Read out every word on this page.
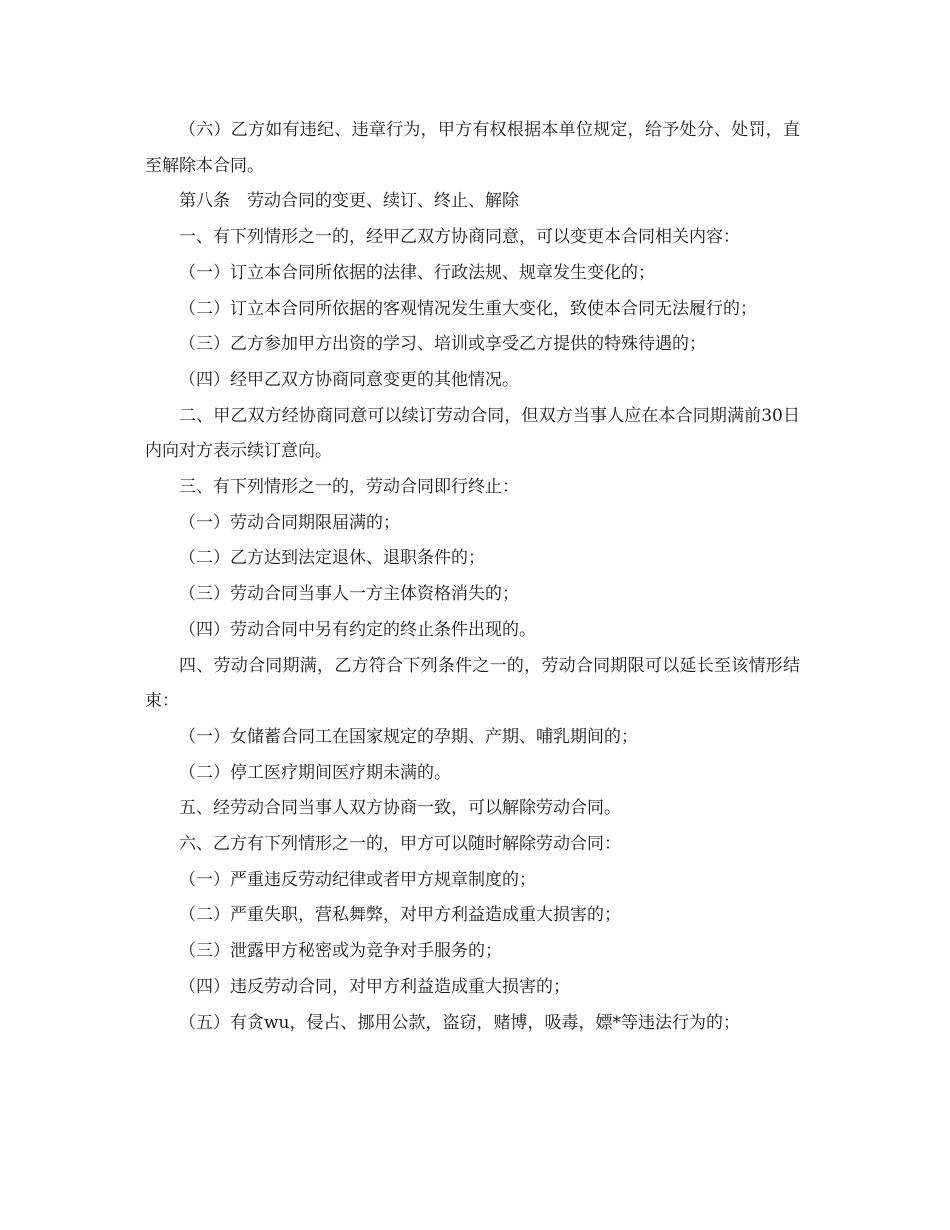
（六）乙方如有违纪、违章行为，甲方有权根据本单位规定，给予处分、处罚，直至解除本合同。

第八条　劳动合同的变更、续订、终止、解除

一、有下列情形之一的，经甲乙双方协商同意，可以变更本合同相关内容：

（一）订立本合同所依据的法律、行政法规、规章发生变化的；

（二）订立本合同所依据的客观情况发生重大变化，致使本合同无法履行的；

（三）乙方参加甲方出资的学习、培训或享受乙方提供的特殊待遇的；

（四）经甲乙双方协商同意变更的其他情况。

二、甲乙双方经协商同意可以续订劳动合同，但双方当事人应在本合同期满前30日内向对方表示续订意向。

三、有下列情形之一的，劳动合同即行终止：

（一）劳动合同期限届满的；

（二）乙方达到法定退休、退职条件的；

（三）劳动合同当事人一方主体资格消失的；

（四）劳动合同中另有约定的终止条件出现的。

四、劳动合同期满，乙方符合下列条件之一的，劳动合同期限可以延长至该情形结束：

（一）女储蓄合同工在国家规定的孕期、产期、哺乳期间的；

（二）停工医疗期间医疗期未满的。

五、经劳动合同当事人双方协商一致，可以解除劳动合同。

六、乙方有下列情形之一的，甲方可以随时解除劳动合同：

（一）严重违反劳动纪律或者甲方规章制度的；

（二）严重失职，营私舞弊，对甲方利益造成重大损害的；

（三）泄露甲方秘密或为竞争对手服务的；

（四）违反劳动合同，对甲方利益造成重大损害的；

（五）有贪wu，侵占、挪用公款，盗窃，赌博，吸毒，嫖*等违法行为的；
